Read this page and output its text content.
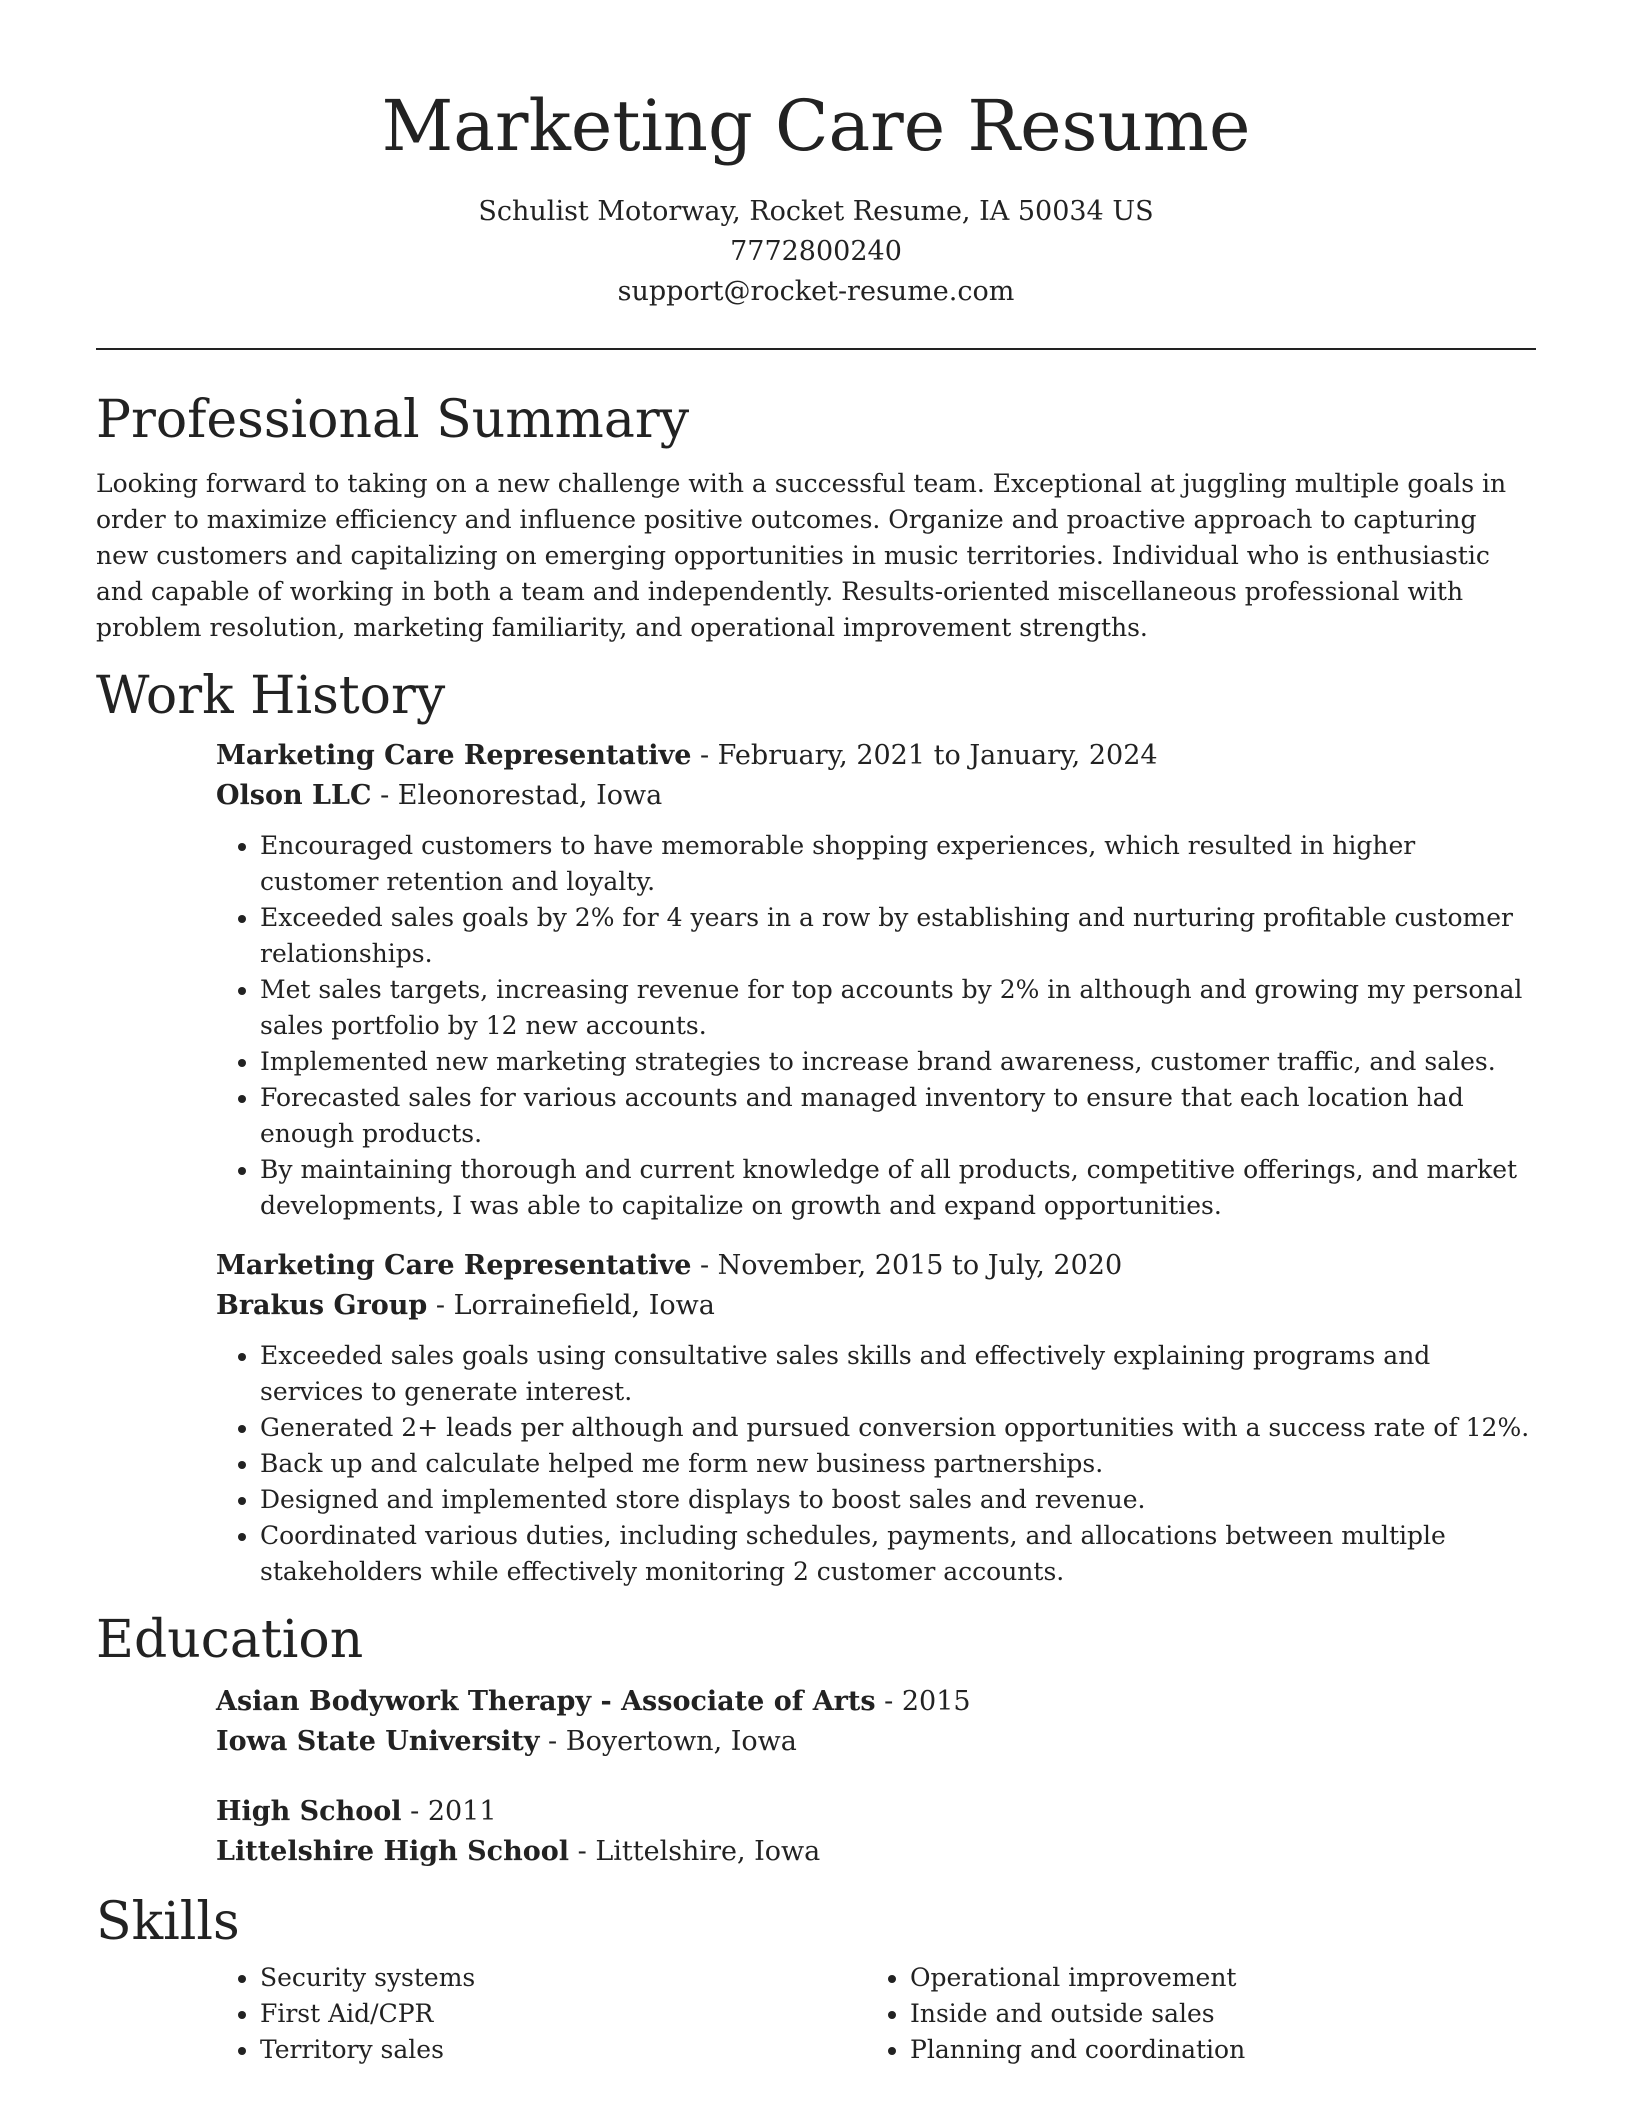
Marketing Care Resume
Schulist Motorway, Rocket Resume, IA 50034 US
7772800240
support@rocket-resume.com
Professional Summary

Looking forward to taking on a new challenge with a successful team. Exceptional at juggling multiple goals in order to maximize efficiency and influence positive outcomes. Organize and proactive approach to capturing new customers and capitalizing on emerging opportunities in music territories. Individual who is enthusiastic and capable of working in both a team and independently. Results-oriented miscellaneous professional with problem resolution, marketing familiarity, and operational improvement strengths.

Work History
Marketing Care Representative - February, 2021 to January, 2024
Olson LLC - Eleonorestad, Iowa
• Encouraged customers to have memorable shopping experiences, which resulted in higher customer retention and loyalty.
• Exceeded sales goals by 2% for 4 years in a row by establishing and nurturing profitable customer relationships.
• Met sales targets, increasing revenue for top accounts by 2% in although and growing my personal sales portfolio by 12 new accounts.
• Implemented new marketing strategies to increase brand awareness, customer traffic, and sales.
• Forecasted sales for various accounts and managed inventory to ensure that each location had enough products.
• By maintaining thorough and current knowledge of all products, competitive offerings, and market developments, I was able to capitalize on growth and expand opportunities.
Marketing Care Representative - November, 2015 to July, 2020
Brakus Group - Lorrainefield, Iowa
• Exceeded sales goals using consultative sales skills and effectively explaining programs and services to generate interest.
• Generated 2+ leads per although and pursued conversion opportunities with a success rate of 12%.
• Back up and calculate helped me form new business partnerships.
• Designed and implemented store displays to boost sales and revenue.
• Coordinated various duties, including schedules, payments, and allocations between multiple stakeholders while effectively monitoring 2 customer accounts.
Education
Asian Bodywork Therapy - Associate of Arts - 2015
Iowa State University - Boyertown, Iowa
High School - 2011
Littelshire High School - Littelshire, Iowa
Skills
• Security systems
• First Aid/CPR
• Territory sales
• Operational improvement
• Inside and outside sales
• Planning and coordination
